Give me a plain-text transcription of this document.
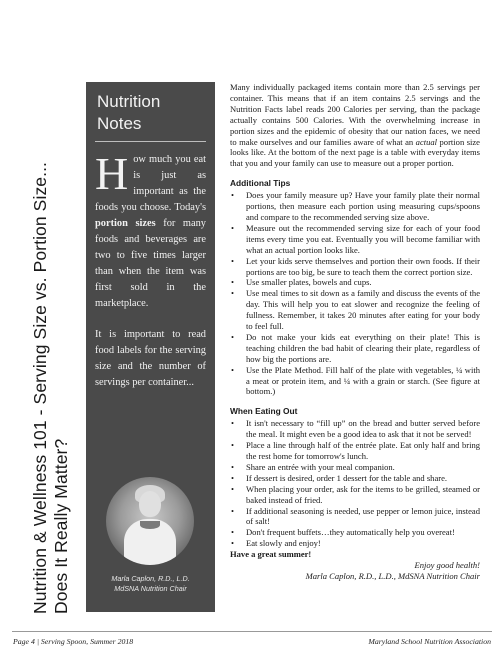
Nutrition & Wellness 101 - Serving Size vs. Portion Size... Does It Really Matter?
Nutrition
Notes

How much you eat is just as important as the foods you choose. Today's portion sizes for many foods and beverages are two to five times larger than when the item was first sold in the marketplace.

It is important to read food labels for the serving size and the number of servings per container...

Marla Caplon, R.D., L.D.
MdSNA Nutrition Chair

Many individually packaged items contain more than 2.5 servings per container. This means that if an item contains 2.5 servings and the Nutrition Facts label reads 200 Calories per serving, than the package actually contains 500 Calories. With the overwhelming increase in portion sizes and the epidemic of obesity that our nation faces, we need to make ourselves and our families aware of what an actual portion size looks like. At the bottom of the next page is a table with everyday items that you and your family can use to measure out a proper portion.

Additional Tips
• Does your family measure up? Have your family plate their normal portions, then measure each portion using measuring cups/spoons and compare to the recommended serving size above.
• Measure out the recommended serving size for each of your food items every time you eat. Eventually you will become familiar with what an actual portion looks like.
• Let your kids serve themselves and portion their own foods. If their portions are too big, be sure to teach them the correct portion size.
• Use smaller plates, bowels and cups.
• Use meal times to sit down as a family and discuss the events of the day. This will help you to eat slower and recognize the feeling of fullness. Remember, it takes 20 minutes after eating for your body to feel full.
• Do not make your kids eat everything on their plate! This is teaching children the bad habit of clearing their plate, regardless of how big the portions are.
• Use the Plate Method. Fill half of the plate with vegetables, ¼ with a meat or protein item, and ¼ with a grain or starch. (See figure at bottom.)
When Eating Out
• It isn't necessary to “fill up” on the bread and butter served before the meal. It might even be a good idea to ask that it not be served!
• Place a line through half of the entrée plate. Eat only half and bring the rest home for tomorrow's lunch.
• Share an entrée with your meal companion.
• If dessert is desired, order 1 dessert for the table and share.
• When placing your order, ask for the items to be grilled, steamed or baked instead of fried.
• If additional seasoning is needed, use pepper or lemon juice, instead of salt!
• Don't frequent buffets…they automatically help you overeat!
• Eat slowly and enjoy!

Have a great summer!

Enjoy good health!

Marla Caplon, R.D., L.D., MdSNA Nutrition Chair

Page 4 | Serving Spoon, Summer 2018	Maryland School Nutrition Association
